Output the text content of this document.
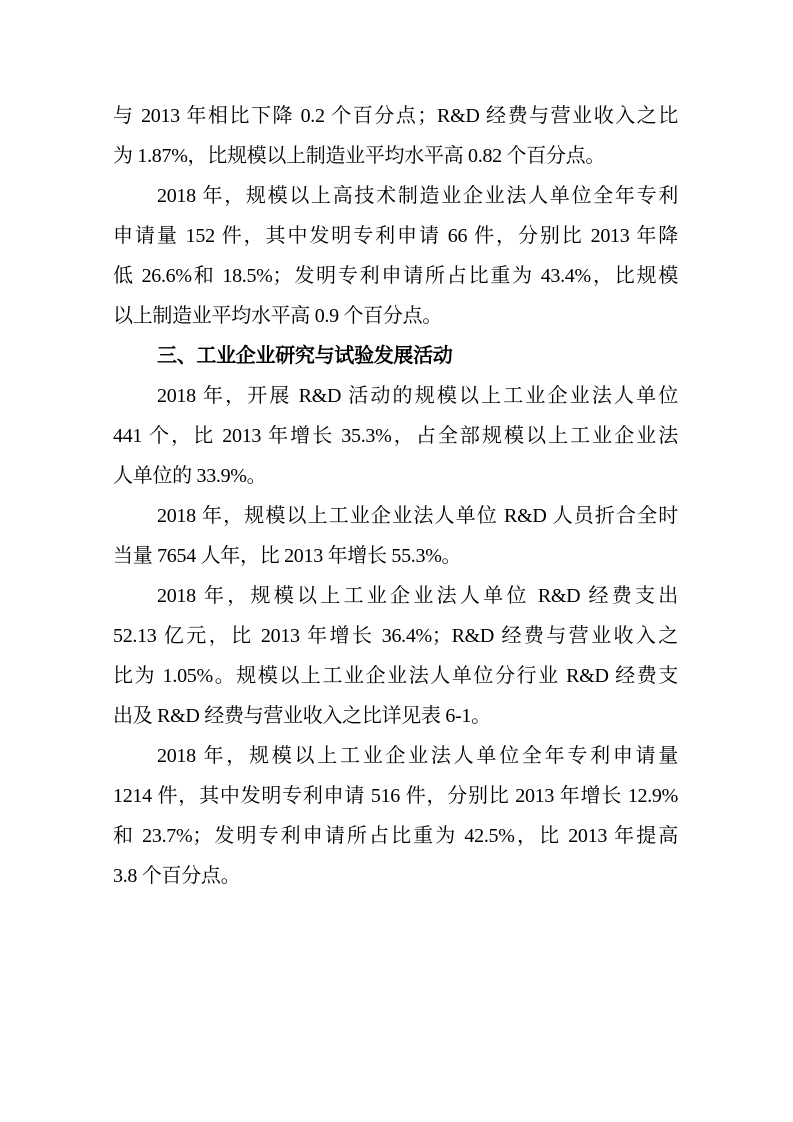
与 2013 年相比下降 0.2 个百分点；R&D 经费与营业收入之比
为 1.87%，比规模以上制造业平均水平高 0.82 个百分点。
2018 年，规模以上高技术制造业企业法人单位全年专利
申请量 152 件，其中发明专利申请 66 件，分别比 2013 年降
低 26.6%和 18.5%；发明专利申请所占比重为 43.4%，比规模
以上制造业平均水平高 0.9 个百分点。
三、工业企业研究与试验发展活动
2018 年，开展 R&D 活动的规模以上工业企业法人单位
441 个，比 2013 年增长 35.3%，占全部规模以上工业企业法
人单位的 33.9%。
2018 年，规模以上工业企业法人单位 R&D 人员折合全时
当量 7654 人年，比 2013 年增长 55.3%。
2018 年，规模以上工业企业法人单位 R&D 经费支出
52.13 亿元，比 2013 年增长 36.4%；R&D 经费与营业收入之
比为 1.05%。规模以上工业企业法人单位分行业 R&D 经费支
出及 R&D 经费与营业收入之比详见表 6-1。
2018 年，规模以上工业企业法人单位全年专利申请量
1214 件，其中发明专利申请 516 件，分别比 2013 年增长 12.9%
和 23.7%；发明专利申请所占比重为 42.5%，比 2013 年提高
3.8 个百分点。
